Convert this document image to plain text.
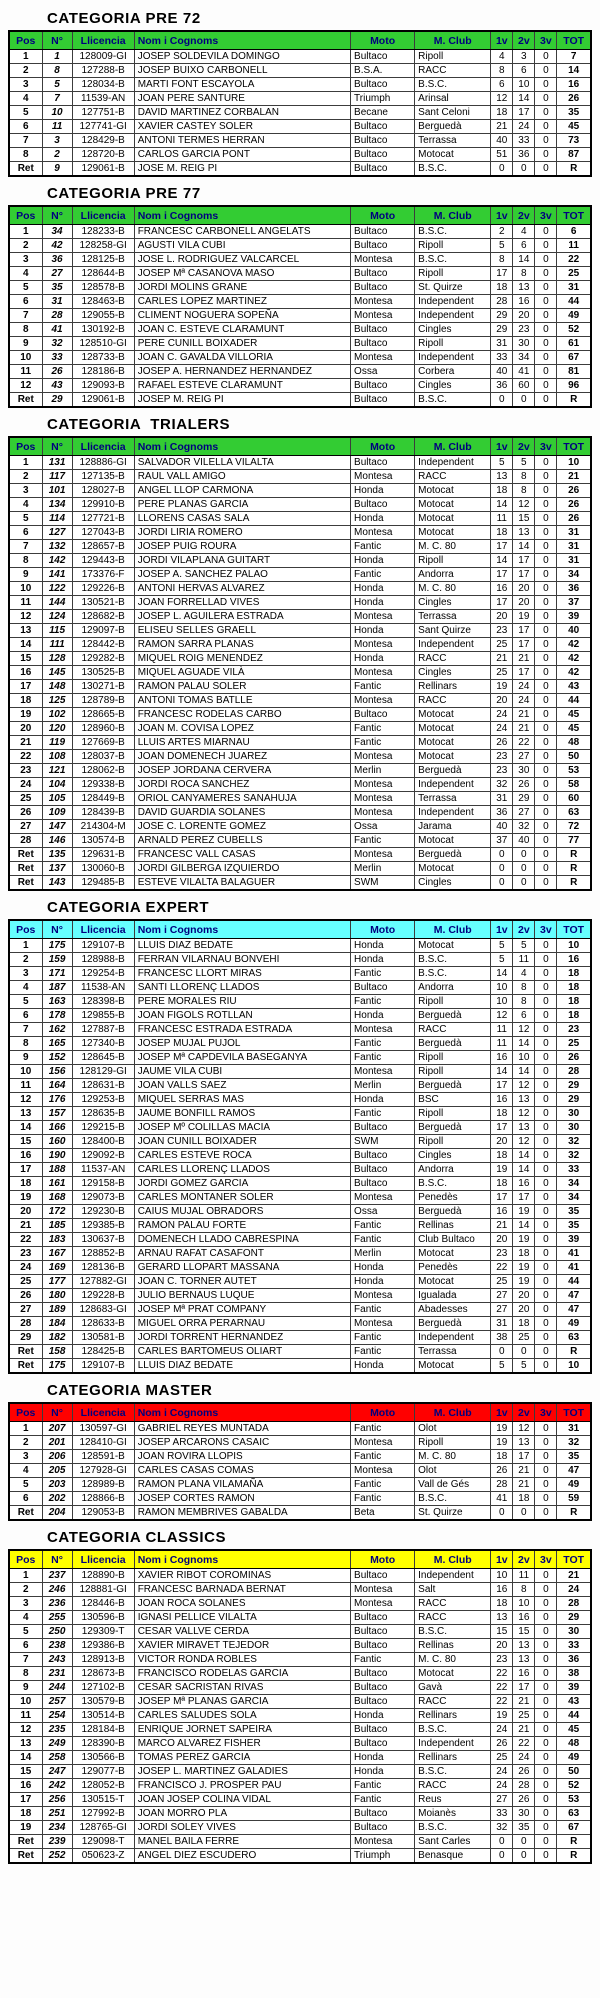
CATEGORIA PRE 72
Pos	N°	Llicencia	Nom i Cognoms	Moto	M. Club	1v	2v	3v	TOT
1	1	128009-GI	JOSEP SOLDEVILA DOMINGO	Bultaco	Ripoll	4	3	0	7
2	8	127288-B	JOSEP BUIXO CARBONELL	B.S.A.	RACC	8	6	0	14
3	5	128034-B	MARTI FONT ESCAYOLA	Bultaco	B.S.C.	6	10	0	16
4	7	11539-AN	JOAN PERE SANTURE	Triumph	Arinsal	12	14	0	26
5	10	127751-B	DAVID MARTINEZ CORBALAN	Becane	Sant Celoni	18	17	0	35
6	11	127741-GI	XAVIER CASTEY SOLER	Bultaco	Berguedà	21	24	0	45
7	3	128429-B	ANTONI TERMES HERRAN	Bultaco	Terrassa	40	33	0	73
8	2	128720-B	CARLOS GARCIA PONT	Bultaco	Motocat	51	36	0	87
Ret	9	129061-B	JOSE M. REIG PI	Bultaco	B.S.C.	0	0	0	R
CATEGORIA PRE 77
Pos	N°	Llicencia	Nom i Cognoms	Moto	M. Club	1v	2v	3v	TOT
1	34	128233-B	FRANCESC CARBONELL ANGELATS	Bultaco	B.S.C.	2	4	0	6
2	42	128258-GI	AGUSTI VILA CUBI	Bultaco	Ripoll	5	6	0	11
3	36	128125-B	JOSE L. RODRIGUEZ VALCARCEL	Montesa	B.S.C.	8	14	0	22
4	27	128644-B	JOSEP Mª CASANOVA MASO	Bultaco	Ripoll	17	8	0	25
5	35	128578-B	JORDI MOLINS GRANE	Bultaco	St. Quirze	18	13	0	31
6	31	128463-B	CARLES LOPEZ MARTINEZ	Montesa	Independent	28	16	0	44
7	28	129055-B	CLIMENT NOGUERA SOPEÑA	Montesa	Independent	29	20	0	49
8	41	130192-B	JOAN C. ESTEVE CLARAMUNT	Bultaco	Cingles	29	23	0	52
9	32	128510-GI	PERE CUNILL BOIXADER	Bultaco	Ripoll	31	30	0	61
10	33	128733-B	JOAN C. GAVALDA VILLORIA	Montesa	Independent	33	34	0	67
11	26	128186-B	JOSEP A. HERNANDEZ HERNANDEZ	Ossa	Corbera	40	41	0	81
12	43	129093-B	RAFAEL ESTEVE CLARAMUNT	Bultaco	Cingles	36	60	0	96
Ret	29	129061-B	JOSEP M. REIG PI	Bultaco	B.S.C.	0	0	0	R
CATEGORIA  TRIALERS
Pos	N°	Llicencia	Nom i Cognoms	Moto	M. Club	1v	2v	3v	TOT
1	131	128886-GI	SALVADOR VILELLA VILALTA	Bultaco	Independent	5	5	0	10
2	117	127135-B	RAUL VALL AMIGO	Montesa	RACC	13	8	0	21
3	101	128027-B	ANGEL LLOP CARMONA	Honda	Motocat	18	8	0	26
4	134	129910-B	PERE PLANAS GARCIA	Bultaco	Motocat	14	12	0	26
5	114	127721-B	LLORENS CASAS SALA	Honda	Motocat	11	15	0	26
6	127	127043-B	JORDI LIRIA ROMERO	Montesa	Motocat	18	13	0	31
7	132	128657-B	JOSEP PUIG ROURA	Fantic	M. C. 80	17	14	0	31
8	142	129443-B	JORDI VILAPLANA GUITART	Honda	Ripoll	14	17	0	31
9	141	173376-F	JOSEP A. SANCHEZ PALAO	Fantic	Andorra	17	17	0	34
10	122	129226-B	ANTONI HERVAS ALVAREZ	Honda	M. C. 80	16	20	0	36
11	144	130521-B	JOAN FORRELLAD VIVES	Honda	Cingles	17	20	0	37
12	124	128682-B	JOSEP L. AGUILERA ESTRADA	Montesa	Terrassa	20	19	0	39
13	115	129097-B	ELISEU SELLES GRAELL	Honda	Sant Quirze	23	17	0	40
14	111	128442-B	RAMON SARRA PLANAS	Montesa	Independent	25	17	0	42
15	128	129282-B	MIQUEL ROIG MENENDEZ	Honda	RACC	21	21	0	42
16	145	130525-B	MIQUEL AGUADE VILÀ	Montesa	Cingles	25	17	0	42
17	148	130271-B	RAMON PALAU SOLER	Fantic	Rellinars	19	24	0	43
18	125	128789-B	ANTONI TOMAS BATLLE	Montesa	RACC	20	24	0	44
19	102	128665-B	FRANCESC RODELAS CARBO	Bultaco	Motocat	24	21	0	45
20	120	128960-B	JOAN M. COVISA LOPEZ	Fantic	Motocat	24	21	0	45
21	119	127669-B	LLUIS ARTES MIARNAU	Fantic	Motocat	26	22	0	48
22	108	128037-B	JOAN DOMENECH JUAREZ	Montesa	Motocat	23	27	0	50
23	121	128062-B	JOSEP JORDANA CERVERA	Merlin	Berguedà	23	30	0	53
24	104	129338-B	JORDI ROCA SANCHEZ	Montesa	Independent	32	26	0	58
25	105	128449-B	ORIOL CANYAMERES SANAHUJA	Montesa	Terrassa	31	29	0	60
26	109	128439-B	DAVID GUARDIA SOLANES	Montesa	Independent	36	27	0	63
27	147	214304-M	JOSE C. LORENTE GOMEZ	Ossa	Jarama	40	32	0	72
28	146	130574-B	ARNALD PEREZ CUBELLS	Fantic	Motocat	37	40	0	77
Ret	135	129631-B	FRANCESC VALL CASAS	Montesa	Berguedà	0	0	0	R
Ret	137	130060-B	JORDI GILBERGA IZQUIERDO	Merlin	Motocat	0	0	0	R
Ret	143	129485-B	ESTEVE VILALTA BALAGUER	SWM	Cingles	0	0	0	R
CATEGORIA EXPERT
Pos	N°	Llicencia	Nom i Cognoms	Moto	M. Club	1v	2v	3v	TOT
1	175	129107-B	LLUIS DIAZ BEDATE	Honda	Motocat	5	5	0	10
2	159	128988-B	FERRAN VILARNAU BONVEHI	Honda	B.S.C.	5	11	0	16
3	171	129254-B	FRANCESC LLORT MIRAS	Fantic	B.S.C.	14	4	0	18
4	187	11538-AN	SANTI LLORENÇ LLADOS	Bultaco	Andorra	10	8	0	18
5	163	128398-B	PERE MORALES RIU	Fantic	Ripoll	10	8	0	18
6	178	129855-B	JOAN FIGOLS ROTLLAN	Honda	Berguedà	12	6	0	18
7	162	127887-B	FRANCESC ESTRADA ESTRADA	Montesa	RACC	11	12	0	23
8	165	127340-B	JOSEP MUJAL PUJOL	Fantic	Berguedà	11	14	0	25
9	152	128645-B	JOSEP Mª CAPDEVILA BASEGANYA	Fantic	Ripoll	16	10	0	26
10	156	128129-GI	JAUME VILA CUBI	Montesa	Ripoll	14	14	0	28
11	164	128631-B	JOAN VALLS SAEZ	Merlin	Berguedà	17	12	0	29
12	176	129253-B	MIQUEL SERRAS MAS	Honda	BSC	16	13	0	29
13	157	128635-B	JAUME BONFILL RAMOS	Fantic	Ripoll	18	12	0	30
14	166	129215-B	JOSEP Mº COLILLAS MACIA	Bultaco	Berguedà	17	13	0	30
15	160	128400-B	JOAN CUNILL BOIXADER	SWM	Ripoll	20	12	0	32
16	190	129092-B	CARLES ESTEVE ROCA	Bultaco	Cingles	18	14	0	32
17	188	11537-AN	CARLES LLORENÇ LLADOS	Bultaco	Andorra	19	14	0	33
18	161	129158-B	JORDI GOMEZ GARCIA	Bultaco	B.S.C.	18	16	0	34
19	168	129073-B	CARLES MONTANER SOLER	Montesa	Penedès	17	17	0	34
20	172	129230-B	CAIUS MUJAL OBRADORS	Ossa	Berguedà	16	19	0	35
21	185	129385-B	RAMON PALAU FORTE	Fantic	Rellinas	21	14	0	35
22	183	130637-B	DOMENECH LLADO CABRESPINA	Fantic	Club Bultaco	20	19	0	39
23	167	128852-B	ARNAU RAFAT CASAFONT	Merlin	Motocat	23	18	0	41
24	169	128136-B	GERARD LLOPART MASSANA	Honda	Penedès	22	19	0	41
25	177	127882-GI	JOAN C. TORNER AUTET	Honda	Motocat	25	19	0	44
26	180	129228-B	JULIO BERNAUS LUQUE	Montesa	Igualada	27	20	0	47
27	189	128683-GI	JOSEP Mª PRAT COMPANY	Fantic	Abadesses	27	20	0	47
28	184	128633-B	MIGUEL ORRA PERARNAU	Montesa	Berguedà	31	18	0	49
29	182	130581-B	JORDI TORRENT HERNANDEZ	Fantic	Independent	38	25	0	63
Ret	158	128425-B	CARLES BARTOMEUS OLIART	Fantic	Terrassa	0	0	0	R
Ret	175	129107-B	LLUIS DIAZ BEDATE	Honda	Motocat	5	5	0	10
CATEGORIA MASTER
Pos	N°	Llicencia	Nom i Cognoms	Moto	M. Club	1v	2v	3v	TOT
1	207	130597-GI	GABRIEL REYES MUNTADA	Fantic	Olot	19	12	0	31
2	201	128410-GI	JOSEP ARCARONS CASAIC	Montesa	Ripoll	19	13	0	32
3	206	128591-B	JOAN ROVIRA LLOPIS	Fantic	M. C. 80	18	17	0	35
4	205	127928-GI	CARLES CASAS COMAS	Montesa	Olot	26	21	0	47
5	203	128989-B	RAMON PLANA VILAMAÑA	Fantic	Vall de Gés	28	21	0	49
6	202	128866-B	JOSEP CORTES RAMON	Fantic	B.S.C.	41	18	0	59
Ret	204	129053-B	RAMON MEMBRIVES GABALDA	Beta	St. Quirze	0	0	0	R
CATEGORIA CLASSICS
Pos	N°	Llicencia	Nom i Cognoms	Moto	M. Club	1v	2v	3v	TOT
1	237	128890-B	XAVIER RIBOT COROMINAS	Bultaco	Independent	10	11	0	21
2	246	128881-GI	FRANCESC BARNADA BERNAT	Montesa	Salt	16	8	0	24
3	236	128446-B	JOAN ROCA SOLANES	Montesa	RACC	18	10	0	28
4	255	130596-B	IGNASI PELLICE VILALTA	Bultaco	RACC	13	16	0	29
5	250	129309-T	CESAR VALLVE CERDA	Bultaco	B.S.C.	15	15	0	30
6	238	129386-B	XAVIER MIRAVET TEJEDOR	Bultaco	Rellinas	20	13	0	33
7	243	128913-B	VICTOR RONDA ROBLES	Fantic	M. C. 80	23	13	0	36
8	231	128673-B	FRANCISCO RODELAS GARCIA	Bultaco	Motocat	22	16	0	38
9	244	127102-B	CESAR SACRISTAN RIVAS	Bultaco	Gavà	22	17	0	39
10	257	130579-B	JOSEP Mª PLANAS GARCIA	Bultaco	RACC	22	21	0	43
11	254	130514-B	CARLES SALUDES SOLA	Honda	Rellinars	19	25	0	44
12	235	128184-B	ENRIQUE JORNET SAPEIRA	Bultaco	B.S.C.	24	21	0	45
13	249	128390-B	MARCO ALVAREZ FISHER	Bultaco	Independent	26	22	0	48
14	258	130566-B	TOMAS PEREZ GARCIA	Honda	Rellinars	25	24	0	49
15	247	129077-B	JOSEP L. MARTINEZ GALADIES	Honda	B.S.C.	24	26	0	50
16	242	128052-B	FRANCISCO J. PROSPER PAU	Fantic	RACC	24	28	0	52
17	256	130515-T	JOAN JOSEP COLINA VIDAL	Fantic	Reus	27	26	0	53
18	251	127992-B	JOAN MORRO PLA	Bultaco	Moianès	33	30	0	63
19	234	128765-GI	JORDI SOLEY VIVES	Bultaco	B.S.C.	32	35	0	67
Ret	239	129098-T	MANEL BAILA FERRE	Montesa	Sant Carles	0	0	0	R
Ret	252	050623-Z	ANGEL DIEZ ESCUDERO	Triumph	Benasque	0	0	0	R
